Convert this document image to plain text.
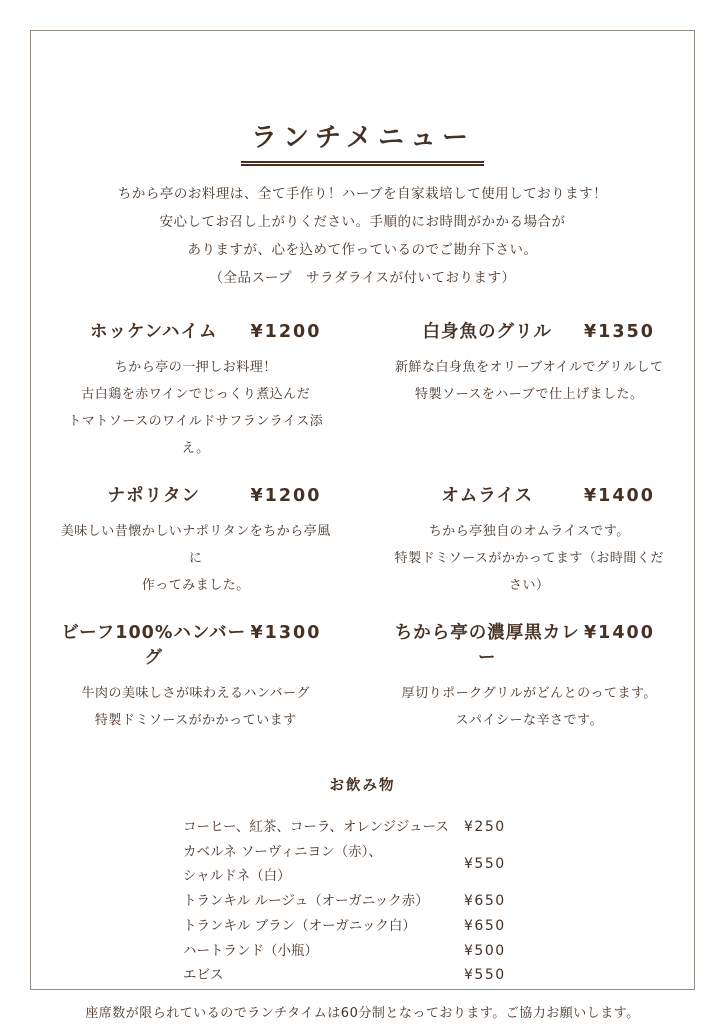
ランチメニュー
ちから亭のお料理は、全て手作り！ハーブを自家栽培して使用しております！
安心してお召し上がりください。手順的にお時間がかかる場合が
ありますが、心を込めて作っているのでご勘弁下さい。
（全品スープ　サラダライスが付いております）
ホッケンハイム	¥1200
ちから亭の一押しお料理！
古白鶏を赤ワインでじっくり煮込んだ
トマトソースのワイルドサフランライス添え。
白身魚のグリル	¥1350
新鮮な白身魚をオリーブオイルでグリルして
特製ソースをハーブで仕上げました。
ナポリタン	¥1200
美味しい昔懐かしいナポリタンをちから亭風に
作ってみました。
オムライス	¥1400
ちから亭独自のオムライスです。
特製ドミソースがかかってます（お時間ください）
ビーフ100%ハンバーグ
¥1300
牛肉の美味しさが味わえるハンバーグ
特製ドミソースがかかっています
ちから亭の濃厚黒カレー
¥1400
厚切りポークグリルがどんとのってます。
スパイシーな辛さです。
お飲み物
コーヒー、紅茶、コーラ、オレンジジュース	¥250
カベルネ ソーヴィニヨン（赤）、
シャルドネ（白）
¥550
トランキル ルージュ（オーガニック赤）	¥650
トランキル ブラン（オーガニック白）	¥650
ハートランド（小瓶）	¥500
エビス	¥550
座席数が限られているのでランチタイムは60分制となっております。ご協力お願いします。
